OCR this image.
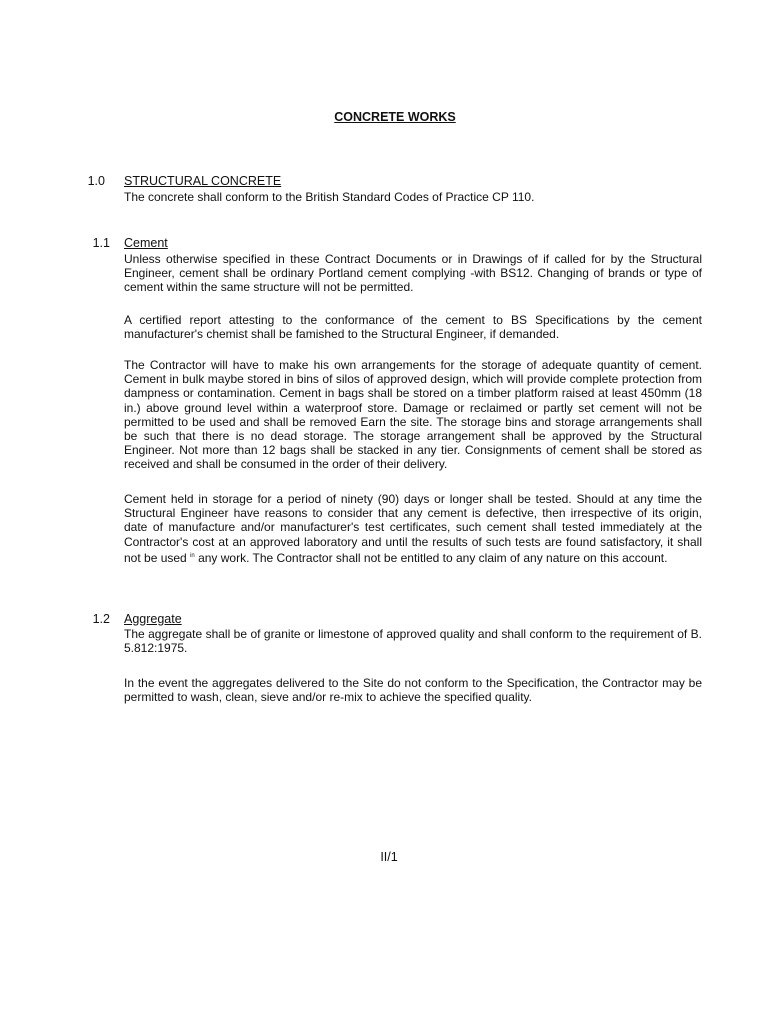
CONCRETE WORKS
1.0 STRUCTURAL CONCRETE
The concrete shall conform to the British Standard Codes of Practice CP 110.
1.1 Cement
Unless otherwise specified in these Contract Documents or in Drawings of if called for by the Structural Engineer, cement shall be ordinary Portland cement complying -with BS12. Changing of brands or type of cement within the same structure will not be permitted.
A certified report attesting to the conformance of the cement to BS Specifications by the cement manufacturer's chemist shall be famished to the Structural Engineer, if demanded.
The Contractor will have to make his own arrangements for the storage of adequate quantity of cement. Cement in bulk maybe stored in bins of silos of approved design, which will provide complete protection from dampness or contamination. Cement in bags shall be stored on a timber platform raised at least 450mm (18 in.) above ground level within a waterproof store. Damage or reclaimed or partly set cement will not be permitted to be used and shall be removed Earn the site. The storage bins and storage arrangements shall be such that there is no dead storage. The storage arrangement shall be approved by the Structural Engineer. Not more than 12 bags shall be stacked in any tier. Consignments of cement shall be stored as received and shall be consumed in the order of their delivery.
Cement held in storage for a period of ninety (90) days or longer shall be tested. Should at any time the Structural Engineer have reasons to consider that any cement is defective, then irrespective of its origin, date of manufacture and/or manufacturer's test certificates, such cement shall tested immediately at the Contractor's cost at an approved laboratory and until the results of such tests are found satisfactory, it shall not be used $^{in}$ any work. The Contractor shall not be entitled to any claim of any nature on this account.
1.2 Aggregate
The aggregate shall be of granite or limestone of approved quality and shall conform to the requirement of B. 5.812:1975.
In the event the aggregates delivered to the Site do not conform to the Specification, the Contractor may be permitted to wash, clean, sieve and/or re-mix to achieve the specified quality.
II/1
